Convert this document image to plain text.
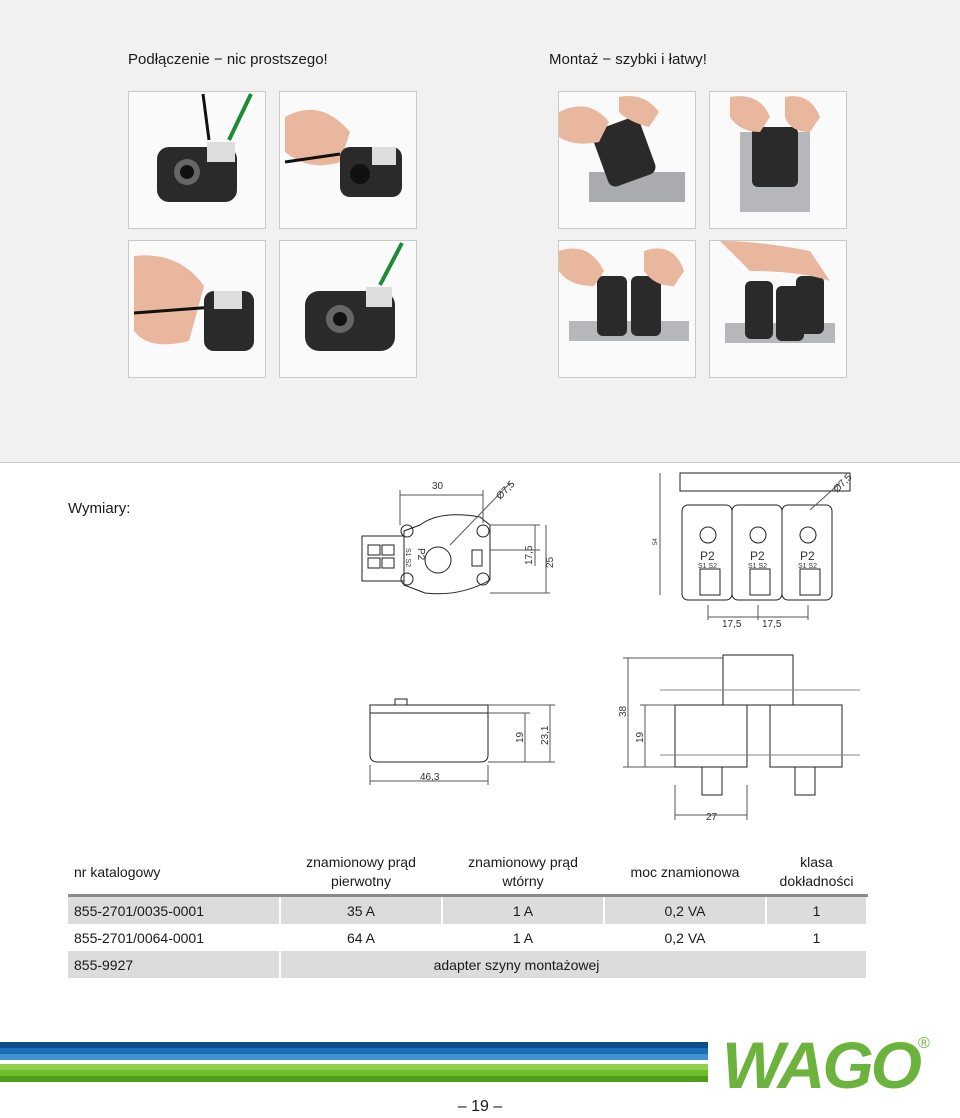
Podłączenie − nic prostszego!	Montaż − szybki i łatwy!
Wymiary:
30	Ø7,5
17,5 25
P2
S1 S2
Ø7,5
17,5 17,5
54
P2	P2	P2
S1 S2	S1 S2	S1 S2
46,3
19 23,1
38
19
27
nr katalogowy	znamionowy prąd pierwotny	znamionowy prąd wtórny	moc znamionowa	klasa dokładności
855-2701/0035-0001	35 A	1 A	0,2 VA	1
855-2701/0064-0001	64 A	1 A	0,2 VA	1
855-9927	adapter szyny montażowej			
WAGO ®
– 19 –
